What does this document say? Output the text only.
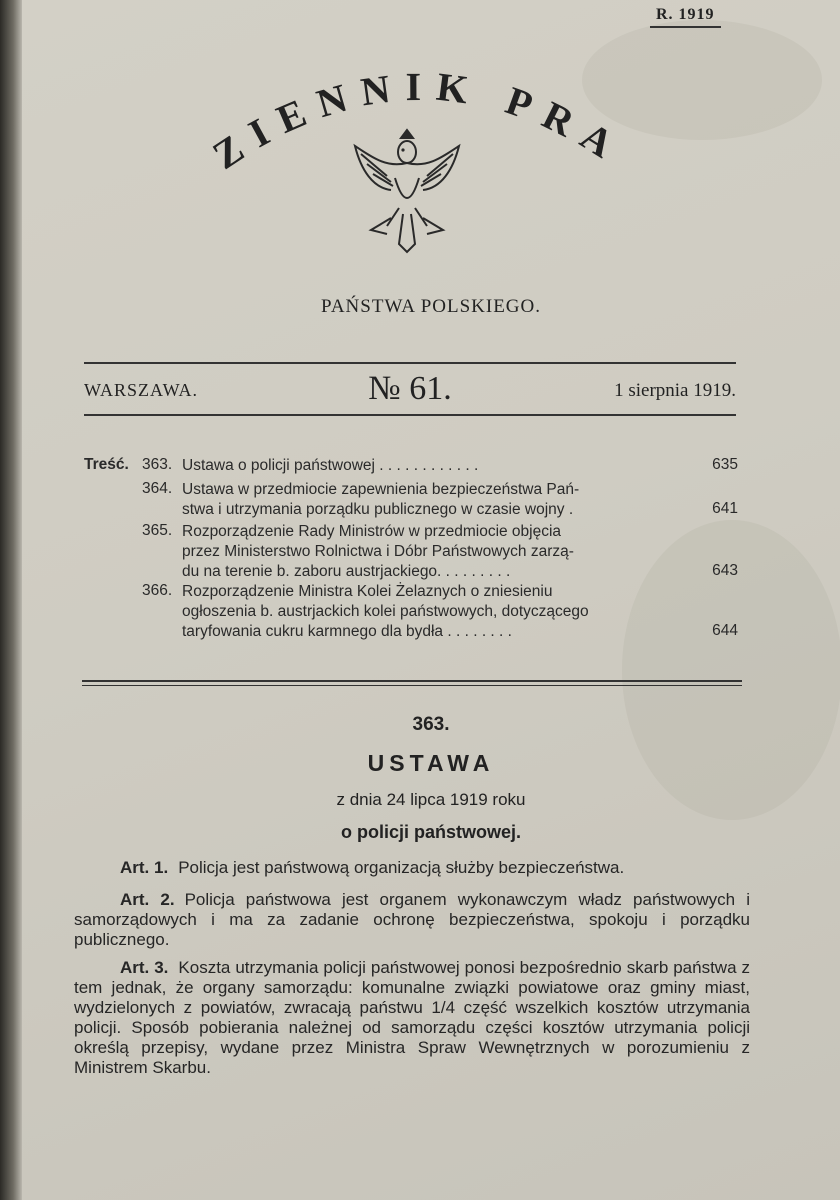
R. 1919
ZIENNIK PRA
PAŃSTWA POLSKIEGO.
WARSZAWA.	№ 61.	1 sierpnia 1919.
Treść. 363. Ustawa o policji państwowej . . . . . . . . . . . .	635
364. Ustawa w przedmiocie zapewnienia bezpieczeństwa Pań-
stwa i utrzymania porządku publicznego w czasie wojny .	641
365. Rozporządzenie Rady Ministrów w przedmiocie objęcia
przez Ministerstwo Rolnictwa i Dóbr Państwowych zarzą-
du na terenie b. zaboru austrjackiego. . . . . . . . .	643
366. Rozporządzenie Ministra Kolei Żelaznych o zniesieniu
ogłoszenia b. austrjackich kolei państwowych, dotyczącego
taryfowania cukru karmnego dla bydła . . . . . . . .	644
363.
USTAWA
z dnia 24 lipca 1919 roku
o policji państwowej.
Art. 1. Policja jest państwową organizacją służby bezpieczeństwa.
Art. 2. Policja państwowa jest organem wykonawczym władz państwowych i samorządowych i ma za zadanie ochronę bezpieczeństwa, spokoju i porządku publicznego.
Art. 3. Koszta utrzymania policji państwowej ponosi bezpośrednio skarb państwa z tem jednak, że organy samorządu: komunalne związki powiatowe oraz gminy miast, wydzielonych z powiatów, zwracają państwu 1/4 część wszelkich kosztów utrzymania policji. Sposób pobierania należnej od samorządu części kosztów utrzymania policji określą przepisy, wydane przez Ministra Spraw Wewnętrznych w porozumieniu z Ministrem Skarbu.
